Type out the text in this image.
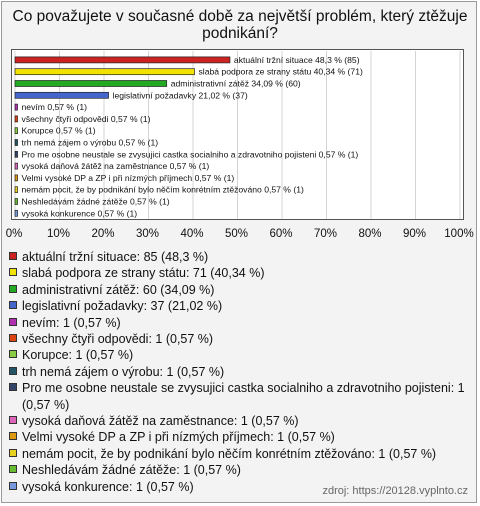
Co považujete v současné době za největší problém, který ztěžuje podnikání?
aktuální tržní situace 48,3 % (85)
slabá podpora ze strany státu 40,34 % (71)
administrativní zátěž 34,09 % (60)
legislativní požadavky 21,02 % (37)
nevím 0,57 % (1)
všechny čtyři odpovědi 0,57 % (1)
Korupce 0,57 % (1)
trh nemá zájem o výrobu 0,57 % (1)
Pro me osobne neustale se zvysujici castka socialniho a zdravotniho pojisteni 0,57 % (1)
vysoká daňová žátěž na zaměstnance 0,57 % (1)
Velmi vysoké DP a ZP i při nízmých příjmech 0,57 % (1)
nemám pocit, že by podnikání bylo něčím konrétním ztěžováno 0,57 % (1)
Neshledávám žádné zátěže 0,57 % (1)
vysoká konkurence 0,57 % (1)
0% 10% 20% 30% 40% 50% 60% 70% 80% 90% 100%
aktuální tržní situace: 85 (48,3 %)
slabá podpora ze strany státu: 71 (40,34 %)
administrativní zátěž: 60 (34,09 %)
legislativní požadavky: 37 (21,02 %)
nevím: 1 (0,57 %)
všechny čtyři odpovědi: 1 (0,57 %)
Korupce: 1 (0,57 %)
trh nemá zájem o výrobu: 1 (0,57 %)
Pro me osobne neustale se zvysujici castka socialniho a zdravotniho pojisteni: 1 (0,57 %)
vysoká daňová žátěž na zaměstnance: 1 (0,57 %)
Velmi vysoké DP a ZP i při nízmých příjmech: 1 (0,57 %)
nemám pocit, že by podnikání bylo něčím konrétním ztěžováno: 1 (0,57 %)
Neshledávám žádné zátěže: 1 (0,57 %)
vysoká konkurence: 1 (0,57 %)	zdroj: https://20128.vyplnto.cz
